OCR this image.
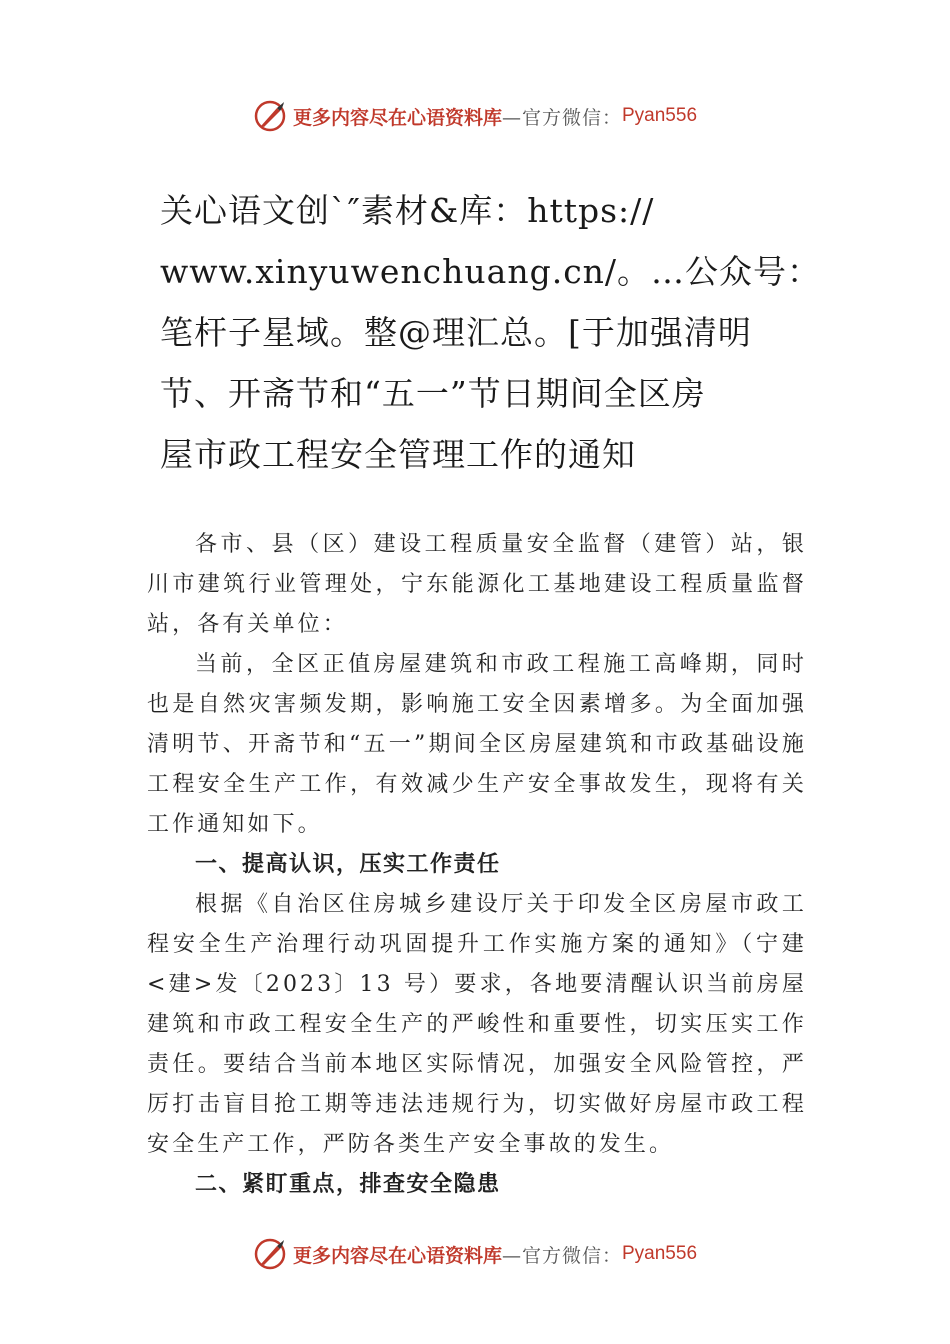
更多内容尽在心语资料库 —官方微信： Pyan556
关心语文创`″素材&库：https://
www.xinyuwenchuang.cn/。…公众号：
笔杆子星域。整@理汇总。[于加强清明
节、开斋节和“五一”节日期间全区房
屋市政工程安全管理工作的通知

各市、县（区）建设工程质量安全监督（建管）站，银川市建筑行业管理处，宁东能源化工基地建设工程质量监督站，各有关单位：

当前，全区正值房屋建筑和市政工程施工高峰期，同时也是自然灾害频发期，影响施工安全因素增多。为全面加强清明节、开斋节和“五一”期间全区房屋建筑和市政基础设施工程安全生产工作，有效减少生产安全事故发生，现将有关工作通知如下。

一、提高认识，压实工作责任

根据《自治区住房城乡建设厅关于印发全区房屋市政工程安全生产治理行动巩固提升工作实施方案的通知》（宁建<建>发〔2023〕13 号）要求，各地要清醒认识当前房屋建筑和市政工程安全生产的严峻性和重要性，切实压实工作责任。要结合当前本地区实际情况，加强安全风险管控，严厉打击盲目抢工期等违法违规行为，切实做好房屋市政工程安全生产工作，严防各类生产安全事故的发生。

二、紧盯重点，排查安全隐患

更多内容尽在心语资料库 —官方微信： Pyan556
